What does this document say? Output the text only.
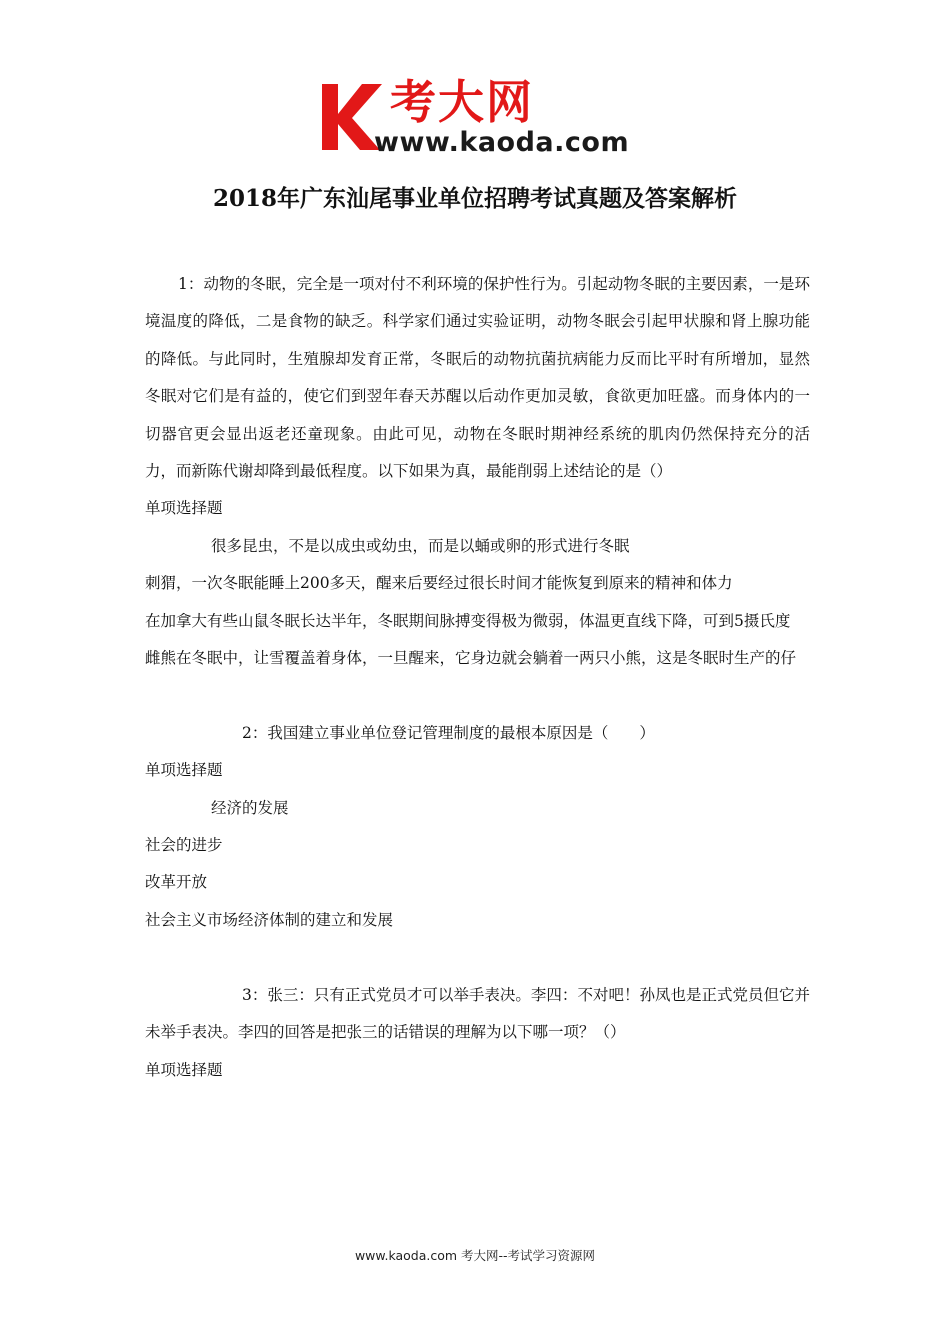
考大网
www.kaoda.com
2018年广东汕尾事业单位招聘考试真题及答案解析

1：动物的冬眠，完全是一项对付不利环境的保护性行为。引起动物冬眠的主要因素，一是环境温度的降低，二是食物的缺乏。科学家们通过实验证明，动物冬眠会引起甲状腺和肾上腺功能的降低。与此同时，生殖腺却发育正常，冬眠后的动物抗菌抗病能力反而比平时有所增加，显然冬眠对它们是有益的，使它们到翌年春天苏醒以后动作更加灵敏，食欲更加旺盛。而身体内的一切器官更会显出返老还童现象。由此可见，动物在冬眠时期神经系统的肌肉仍然保持充分的活力，而新陈代谢却降到最低程度。以下如果为真，最能削弱上述结论的是（）

单项选择题

很多昆虫，不是以成虫或幼虫，而是以蛹或卵的形式进行冬眠

刺猬，一次冬眠能睡上200多天，醒来后要经过很长时间才能恢复到原来的精神和体力

在加拿大有些山鼠冬眠长达半年，冬眠期间脉搏变得极为微弱，体温更直线下降，可到5摄氏度

雌熊在冬眠中，让雪覆盖着身体，一旦醒来，它身边就会躺着一两只小熊，这是冬眠时生产的仔

2：我国建立事业单位登记管理制度的最根本原因是（　　）

单项选择题

经济的发展

社会的进步

改革开放

社会主义市场经济体制的建立和发展

3：张三：只有正式党员才可以举手表决。李四：不对吧！孙凤也是正式党员但它并未举手表决。李四的回答是把张三的话错误的理解为以下哪一项？（）

单项选择题

www.kaoda.com 考大网--考试学习资源网
